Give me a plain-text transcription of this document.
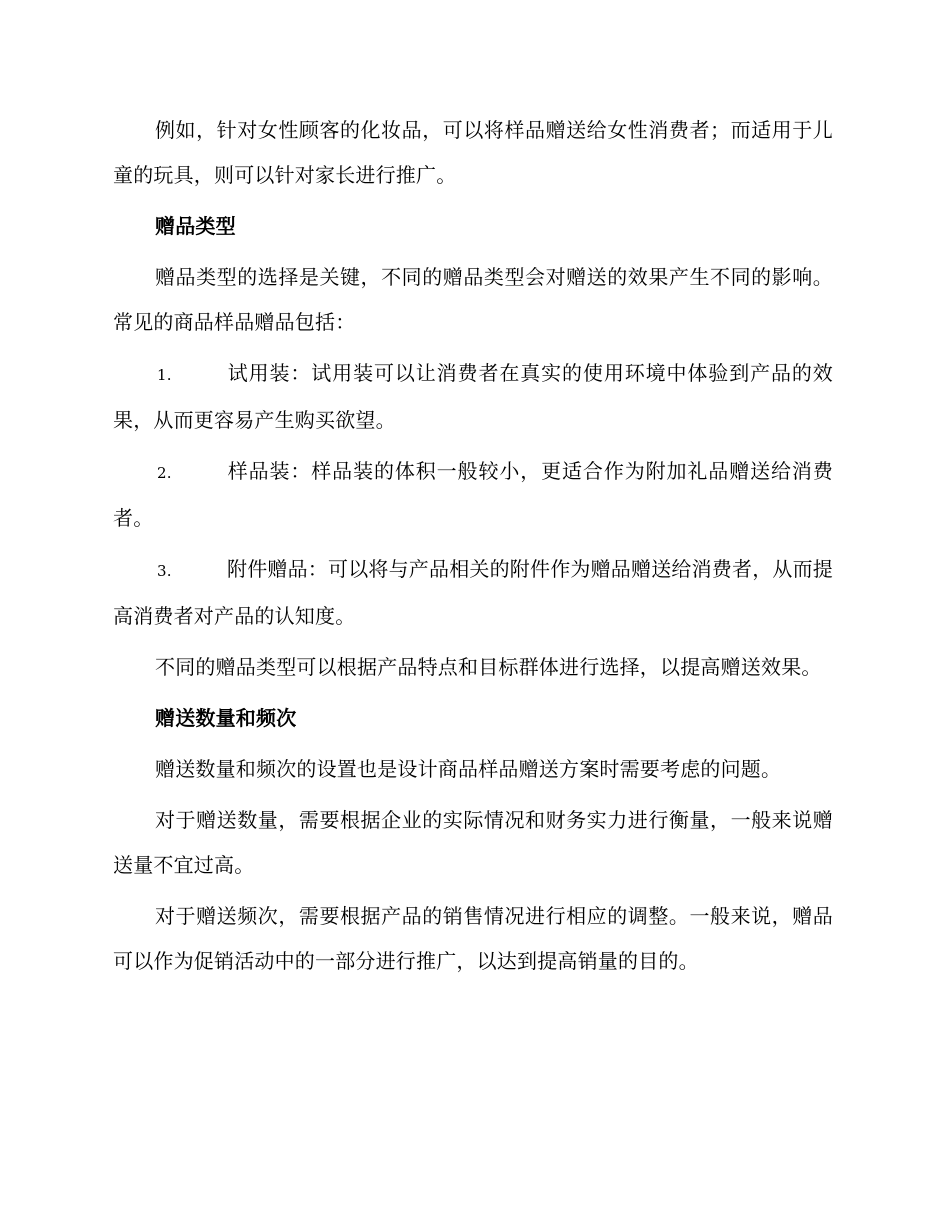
例如，针对女性顾客的化妆品，可以将样品赠送给女性消费者；而适用于儿童的玩具，则可以针对家长进行推广。

赠品类型

赠品类型的选择是关键，不同的赠品类型会对赠送的效果产生不同的影响。常见的商品样品赠品包括：

1.	试用装：试用装可以让消费者在真实的使用环境中体验到产品的效果，从而更容易产生购买欲望。
2.	样品装：样品装的体积一般较小，更适合作为附加礼品赠送给消费者。
3.	附件赠品：可以将与产品相关的附件作为赠品赠送给消费者，从而提高消费者对产品的认知度。

不同的赠品类型可以根据产品特点和目标群体进行选择，以提高赠送效果。

赠送数量和频次

赠送数量和频次的设置也是设计商品样品赠送方案时需要考虑的问题。

对于赠送数量，需要根据企业的实际情况和财务实力进行衡量，一般来说赠送量不宜过高。

对于赠送频次，需要根据产品的销售情况进行相应的调整。一般来说，赠品可以作为促销活动中的一部分进行推广，以达到提高销量的目的。
